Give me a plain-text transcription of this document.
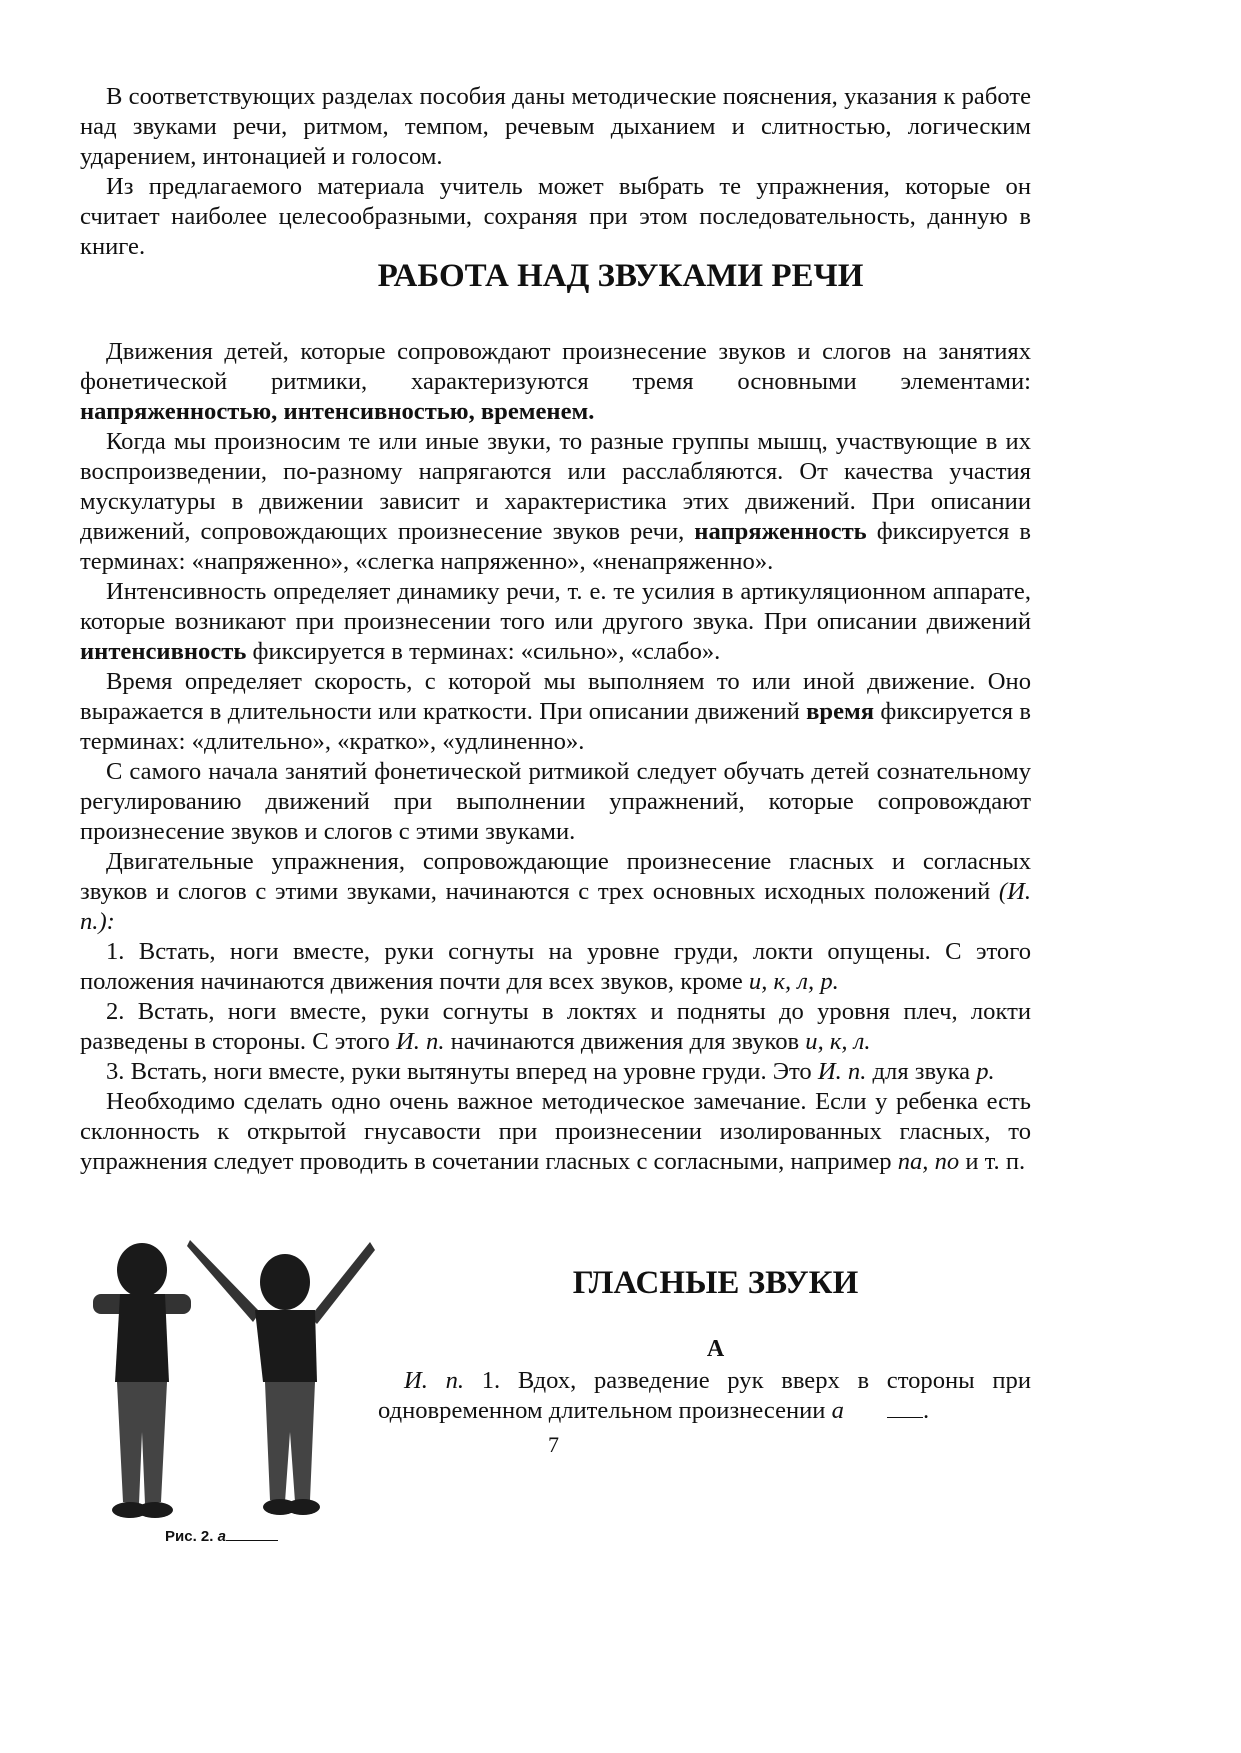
В соответствующих разделах пособия даны методические пояснения, указания к работе над звуками речи, ритмом, темпом, речевым дыханием и слитностью, логическим ударением, интонацией и голосом.

Из предлагаемого материала учитель может выбрать те упражнения, которые он считает наиболее целесообразными, сохраняя при этом последовательность, данную в книге.

РАБОТА НАД ЗВУКАМИ РЕЧИ

Движения детей, которые сопровождают произнесение звуков и слогов на занятиях фонетической ритмики, характеризуются тремя основными элементами: напряженностью, интенсивностью, временем.

Когда мы произносим те или иные звуки, то разные группы мышц, участвующие в их воспроизведении, по-разному напрягаются или расслабляются. От качества участия мускулатуры в движении зависит и характеристика этих движений. При описании движений, сопровождающих произнесение звуков речи, напряженность фиксируется в терминах: «напряженно», «слегка напряженно», «ненапряженно».

Интенсивность определяет динамику речи, т. е. те усилия в артикуляционном аппарате, которые возникают при произнесении того или другого звука. При описании движений интенсивность фиксируется в терминах: «сильно», «слабо».

Время определяет скорость, с которой мы выполняем то или иной движение. Оно выражается в длительности или краткости. При описании движений время фиксируется в терминах: «длительно», «кратко», «удлиненно».

С самого начала занятий фонетической ритмикой следует обучать детей сознательному регулированию движений при выполнении упражнений, которые сопровождают произнесение звуков и слогов с этими звуками.

Двигательные упражнения, сопровождающие произнесение гласных и согласных звуков и слогов с этими звуками, начинаются с трех основных исходных положений (И. п.):

1. Встать, ноги вместе, руки согнуты на уровне груди, локти опущены. С этого положения начинаются движения почти для всех звуков, кроме и, к, л, р.

2. Встать, ноги вместе, руки согнуты в локтях и подняты до уровня плеч, локти разведены в стороны. С этого И. п. начинаются движения для звуков и, к, л.

3. Встать, ноги вместе, руки вытянуты вперед на уровне груди. Это И. п. для звука р.

Необходимо сделать одно очень важное методическое замечание. Если у ребенка есть склонность к открытой гнусавости при произнесении изолированных гласных, то упражнения следует проводить в сочетании гласных с согласными, например па, по и т. п.

Рис. 2. а
ГЛАСНЫЕ ЗВУКИ
А

И. п. 1. Вдох, разведение рук вверх в стороны при одновременном длительном произнесении а	.

7
